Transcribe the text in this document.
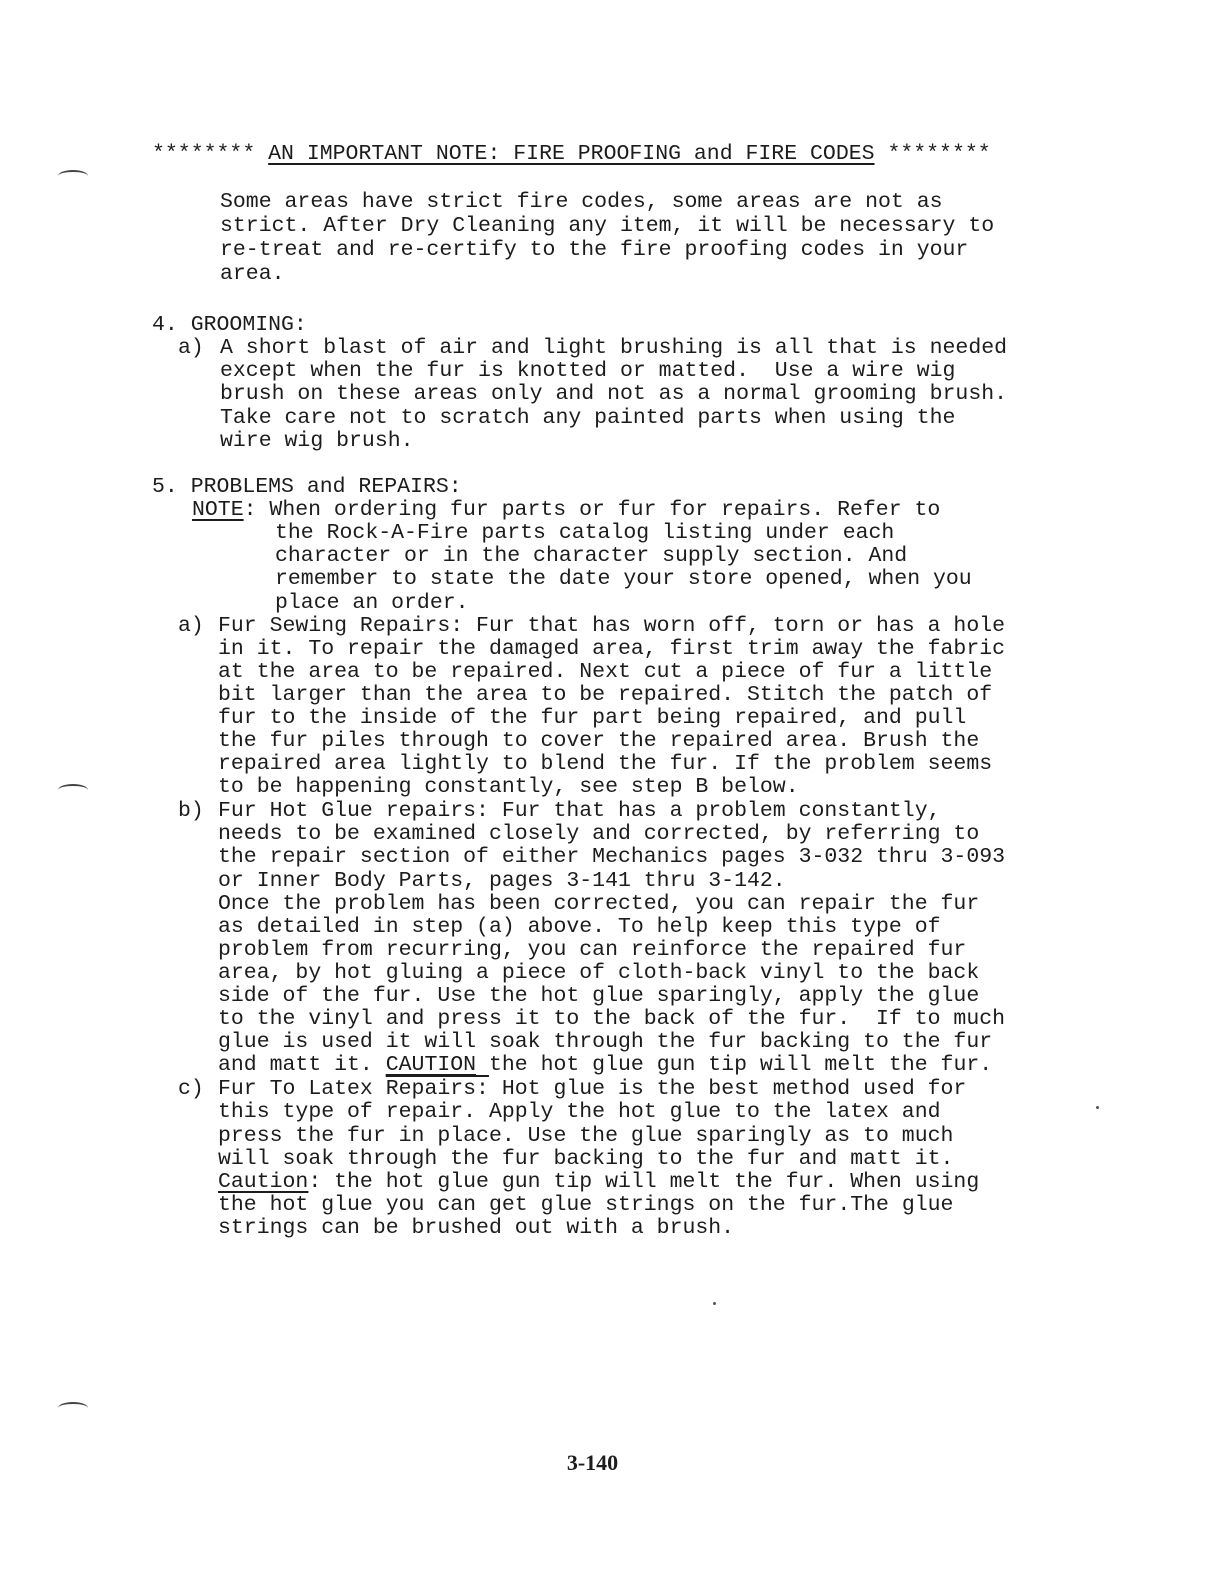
******** AN IMPORTANT NOTE: FIRE PROOFING and FIRE CODES ********
Some areas have strict fire codes, some areas are not as
strict. After Dry Cleaning any item, it will be necessary to
re-treat and re-certify to the fire proofing codes in your
area.
4. GROOMING:
a) A short blast of air and light brushing is all that is needed
except when the fur is knotted or matted.  Use a wire wig
brush on these areas only and not as a normal grooming brush.
Take care not to scratch any painted parts when using the
wire wig brush.
5. PROBLEMS and REPAIRS:
NOTE: When ordering fur parts or fur for repairs. Refer to
the Rock-A-Fire parts catalog listing under each
character or in the character supply section. And
remember to state the date your store opened, when you
place an order.
a) Fur Sewing Repairs: Fur that has worn off, torn or has a hole
in it. To repair the damaged area, first trim away the fabric
at the area to be repaired. Next cut a piece of fur a little
bit larger than the area to be repaired. Stitch the patch of
fur to the inside of the fur part being repaired, and pull
the fur piles through to cover the repaired area. Brush the
repaired area lightly to blend the fur. If the problem seems
to be happening constantly, see step B below.
b) Fur Hot Glue repairs: Fur that has a problem constantly,
needs to be examined closely and corrected, by referring to
the repair section of either Mechanics pages 3-032 thru 3-093
or Inner Body Parts, pages 3-141 thru 3-142.
Once the problem has been corrected, you can repair the fur
as detailed in step (a) above. To help keep this type of
problem from recurring, you can reinforce the repaired fur
area, by hot gluing a piece of cloth-back vinyl to the back
side of the fur. Use the hot glue sparingly, apply the glue
to the vinyl and press it to the back of the fur.  If to much
glue is used it will soak through the fur backing to the fur
and matt it. CAUTION the hot glue gun tip will melt the fur.
c) Fur To Latex Repairs: Hot glue is the best method used for
this type of repair. Apply the hot glue to the latex and
press the fur in place. Use the glue sparingly as to much
will soak through the fur backing to the fur and matt it.
Caution: the hot glue gun tip will melt the fur. When using
the hot glue you can get glue strings on the fur.The glue
strings can be brushed out with a brush.
3-140
